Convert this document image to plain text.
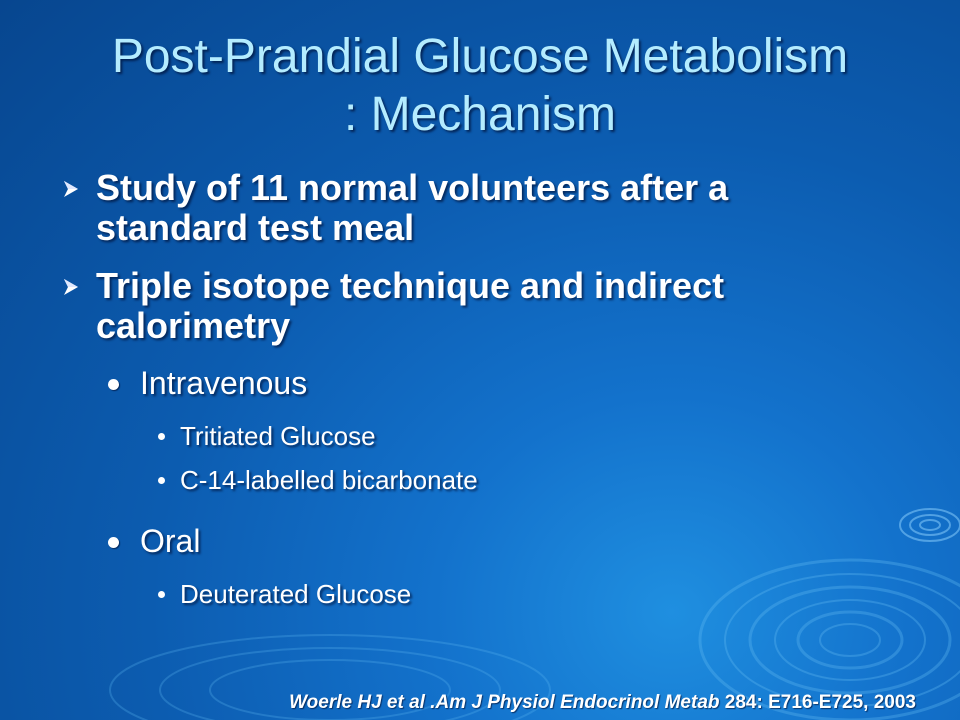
Post-Prandial Glucose Metabolism
: Mechanism
Study of 11 normal volunteers after a
standard test meal
Triple isotope technique and indirect
calorimetry
Intravenous
Tritiated Glucose
C-14-labelled bicarbonate
Oral
Deuterated Glucose
Woerle HJ et al .Am J Physiol Endocrinol Metab 284: E716-E725, 2003
